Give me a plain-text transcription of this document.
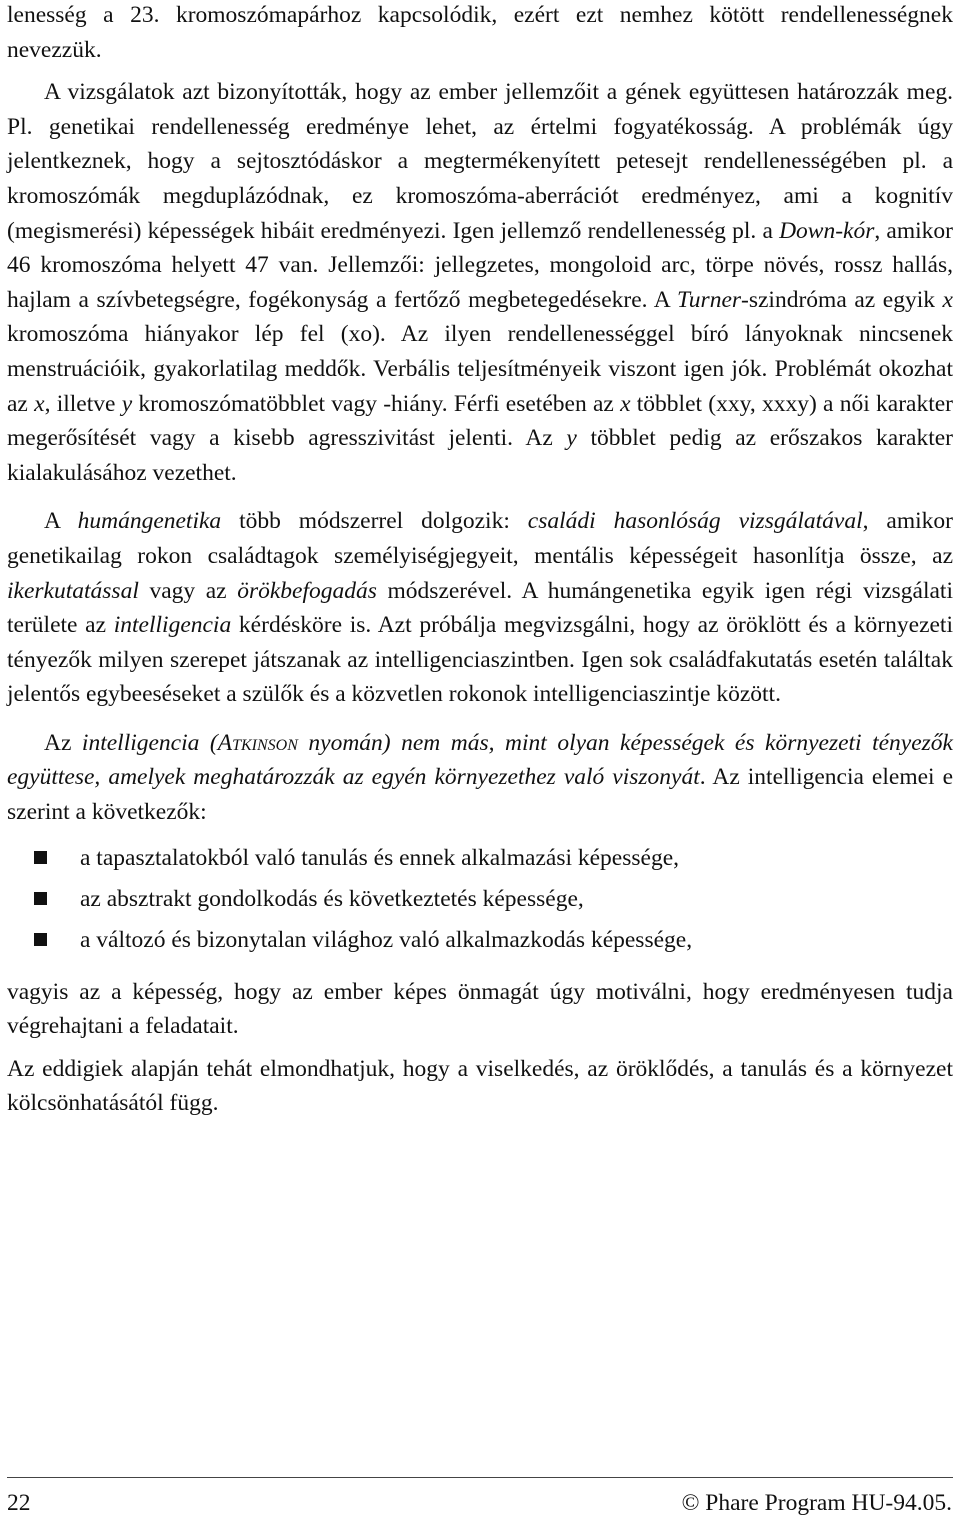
lenesség a 23. kromoszómapárhoz kapcsolódik, ezért ezt nemhez kötött rendellenességnek nevezzük.

A vizsgálatok azt bizonyították, hogy az ember jellemzőit a gének együttesen határozzák meg. Pl. genetikai rendellenesség eredménye lehet, az értelmi fogyatékosság. A problémák úgy jelentkeznek, hogy a sejtosztódáskor a megtermékenyített petesejt rendellenességében pl. a kromoszómák megduplázódnak, ez kromoszóma-aberrációt eredményez, ami a kognitív (megismerési) képességek hibáit eredményezi. Igen jellemző rendellenesség pl. a Down-kór, amikor 46 kromoszóma helyett 47 van. Jellemzői: jellegzetes, mongoloid arc, törpe növés, rossz hallás, hajlam a szívbetegségre, fogékonyság a fertőző megbetegedésekre. A Turner-szindróma az egyik x kromoszóma hiányakor lép fel (xo). Az ilyen rendellenességgel bíró lányoknak nincsenek menstruációik, gyakorlatilag meddők. Verbális teljesítményeik viszont igen jók. Problémát okozhat az x, illetve y kromoszómatöbblet vagy -hiány. Férfi esetében az x többlet (xxy, xxxy) a női karakter megerősítését vagy a kisebb agresszivitást jelenti. Az y többlet pedig az erőszakos karakter kialakulásához vezethet.

A humángenetika több módszerrel dolgozik: családi hasonlóság vizsgálatával, amikor genetikailag rokon családtagok személyiségjegyeit, mentális képességeit hasonlítja össze, az ikerkutatással vagy az örökbefogadás módszerével. A humángenetika egyik igen régi vizsgálati területe az intelligencia kérdésköre is. Azt próbálja megvizsgálni, hogy az öröklött és a környezeti tényezők milyen szerepet játszanak az intelligenciaszintben. Igen sok családfakutatás esetén találtak jelentős egybeeséseket a szülők és a közvetlen rokonok intelligenciaszintje között.

Az intelligencia (Atkinson nyomán) nem más, mint olyan képességek és környezeti tényezők együttese, amelyek meghatározzák az egyén környezethez való viszonyát. Az intelligencia elemei e szerint a következők:

a tapasztalatokból való tanulás és ennek alkalmazási képessége,
az absztrakt gondolkodás és következtetés képessége,
a változó és bizonytalan világhoz való alkalmazkodás képessége,

vagyis az a képesség, hogy az ember képes önmagát úgy motiválni, hogy eredményesen tudja végrehajtani a feladatait.

Az eddigiek alapján tehát elmondhatjuk, hogy a viselkedés, az öröklődés, a tanulás és a környezet kölcsönhatásától függ.

22	© Phare Program HU-94.05.
